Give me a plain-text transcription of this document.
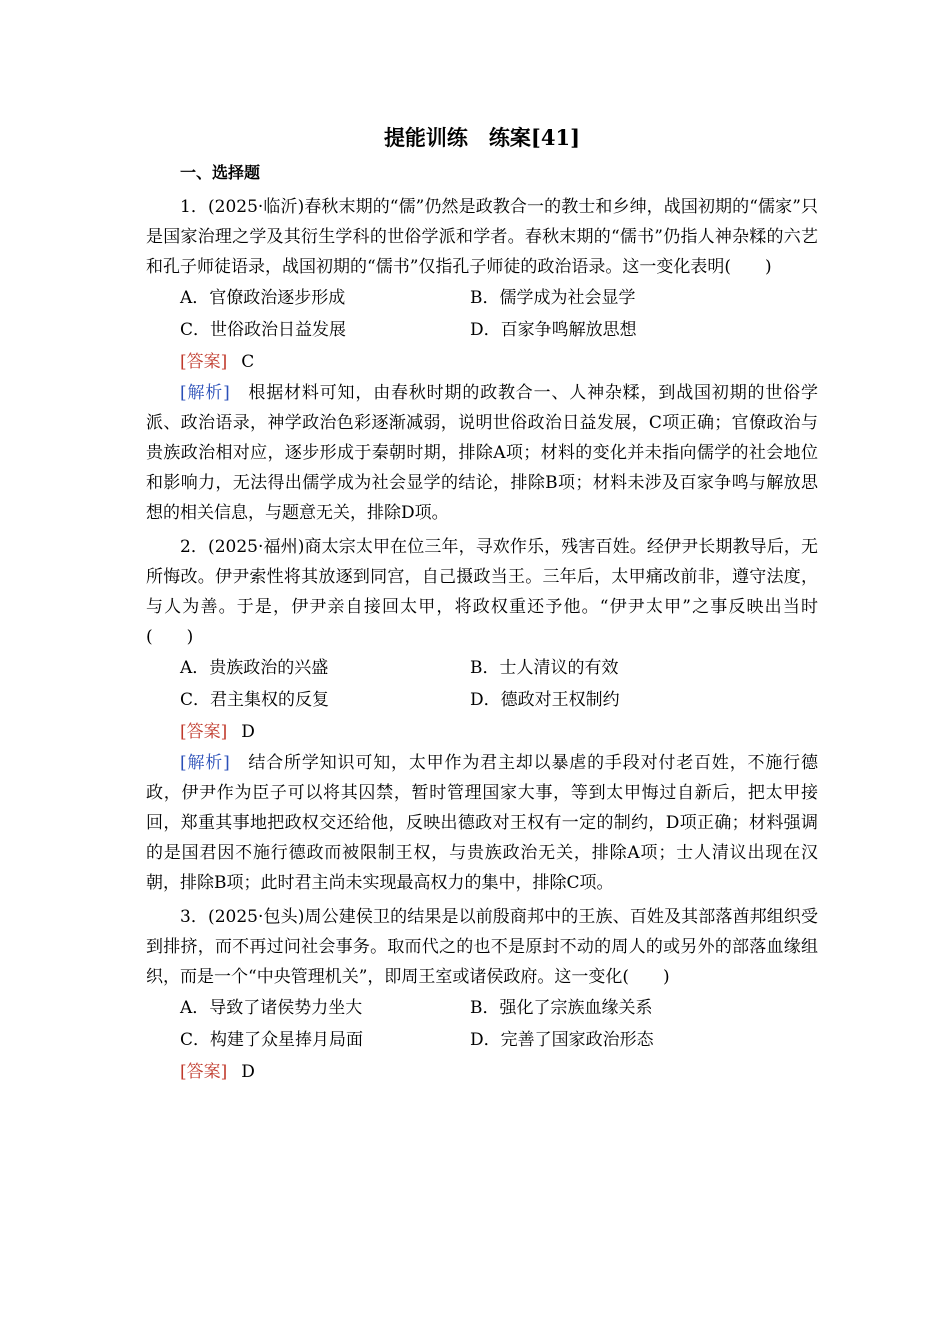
提能训练　练案[41]
一、选择题

1．(2025·临沂)春秋末期的“儒”仍然是政教合一的教士和乡绅，战国初期的“儒家”只是国家治理之学及其衍生学科的世俗学派和学者。春秋末期的“儒书”仍指人神杂糅的六艺和孔子师徒语录，战国初期的“儒书”仅指孔子师徒的政治语录。这一变化表明(　　)

A．官僚政治逐步形成	B．儒学成为社会显学
C．世俗政治日益发展	D．百家争鸣解放思想
[答案] C

[解析]　 根据材料可知，由春秋时期的政教合一、人神杂糅，到战国初期的世俗学派、政治语录，神学政治色彩逐渐减弱，说明世俗政治日益发展，C项正确；官僚政治与贵族政治相对应，逐步形成于秦朝时期，排除A项；材料的变化并未指向儒学的社会地位和影响力，无法得出儒学成为社会显学的结论，排除B项；材料未涉及百家争鸣与解放思想的相关信息，与题意无关，排除D项。

2．(2025·福州)商太宗太甲在位三年，寻欢作乐，残害百姓。经伊尹长期教导后，无所悔改。伊尹索性将其放逐到同宫，自己摄政当王。三年后，太甲痛改前非，遵守法度，与人为善。于是，伊尹亲自接回太甲，将政权重还予他。“伊尹太甲”之事反映出当时(　　)

A．贵族政治的兴盛	B．士人清议的有效
C．君主集权的反复	D．德政对王权制约
[答案] D

[解析]　 结合所学知识可知，太甲作为君主却以暴虐的手段对付老百姓，不施行德政，伊尹作为臣子可以将其囚禁，暂时管理国家大事，等到太甲悔过自新后，把太甲接回，郑重其事地把政权交还给他，反映出德政对王权有一定的制约，D项正确；材料强调的是国君因不施行德政而被限制王权，与贵族政治无关，排除A项；士人清议出现在汉朝，排除B项；此时君主尚未实现最高权力的集中，排除C项。

3．(2025·包头)周公建侯卫的结果是以前殷商邦中的王族、百姓及其部落酋邦组织受到排挤，而不再过问社会事务。取而代之的也不是原封不动的周人的或另外的部落血缘组织，而是一个“中央管理机关”，即周王室或诸侯政府。这一变化(　　)

A．导致了诸侯势力坐大	B．强化了宗族血缘关系
C．构建了众星捧月局面	D．完善了国家政治形态
[答案] D
